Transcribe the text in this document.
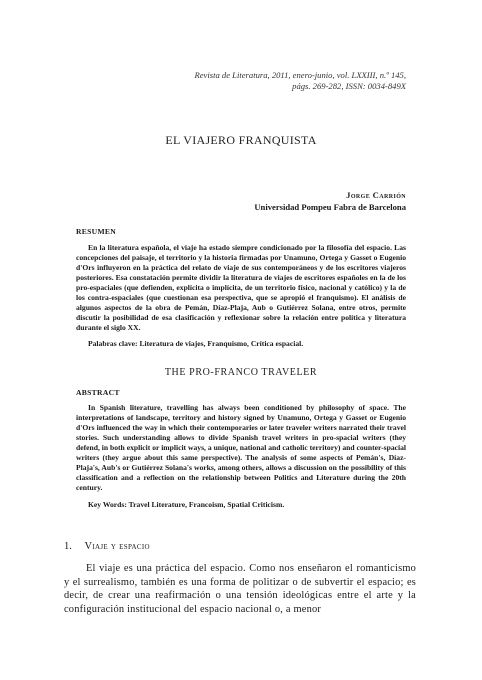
Revista de Literatura, 2011, enero-junio, vol. LXXIII, n.º 145,
págs. 269-282, ISSN: 0034-849X
EL VIAJERO FRANQUISTA
Jorge Carrión
Universidad Pompeu Fabra de Barcelona
RESUMEN

En la literatura española, el viaje ha estado siempre condicionado por la filosofía del espacio. Las concepciones del paisaje, el territorio y la historia firmadas por Unamuno, Ortega y Gasset o Eugenio d'Ors influyeron en la práctica del relato de viaje de sus contemporáneos y de los escritores viajeros posteriores. Esa constatación permite dividir la literatura de viajes de escritores españoles en la de los pro-espaciales (que defienden, explícita o implícita, de un territorio físico, nacional y católico) y la de los contra-espaciales (que cuestionan esa perspectiva, que se apropió el franquismo). El análisis de algunos aspectos de la obra de Pemán, Díaz-Plaja, Aub o Gutiérrez Solana, entre otros, permite discutir la posibilidad de esa clasificación y reflexionar sobre la relación entre política y literatura durante el siglo XX.

Palabras clave: Literatura de viajes, Franquismo, Crítica espacial.
THE PRO-FRANCO TRAVELER
ABSTRACT

In Spanish literature, travelling has always been conditioned by philosophy of space. The interpretations of landscape, territory and history signed by Unamuno, Ortega y Gasset or Eugenio d'Ors influenced the way in which their contemporaries or later traveler writers narrated their travel stories. Such understanding allows to divide Spanish travel writers in pro-spacial writers (they defend, in both explicit or implicit ways, a unique, national and catholic territory) and counter-spacial writers (they argue about this same perspective). The analysis of some aspects of Pemán's, Díaz-Plaja's, Aub's or Gutiérrez Solana's works, among others, allows a discussion on the possibility of this classification and a reflection on the relationship between Politics and Literature during the 20th century.

Key Words: Travel Literature, Francoism, Spatial Criticism.
1. Viaje y espacio

El viaje es una práctica del espacio. Como nos enseñaron el romanticismo y el surrealismo, también es una forma de politizar o de subvertir el espacio; es decir, de crear una reafirmación o una tensión ideológicas entre el arte y la configuración institucional del espacio nacional o, a menor
